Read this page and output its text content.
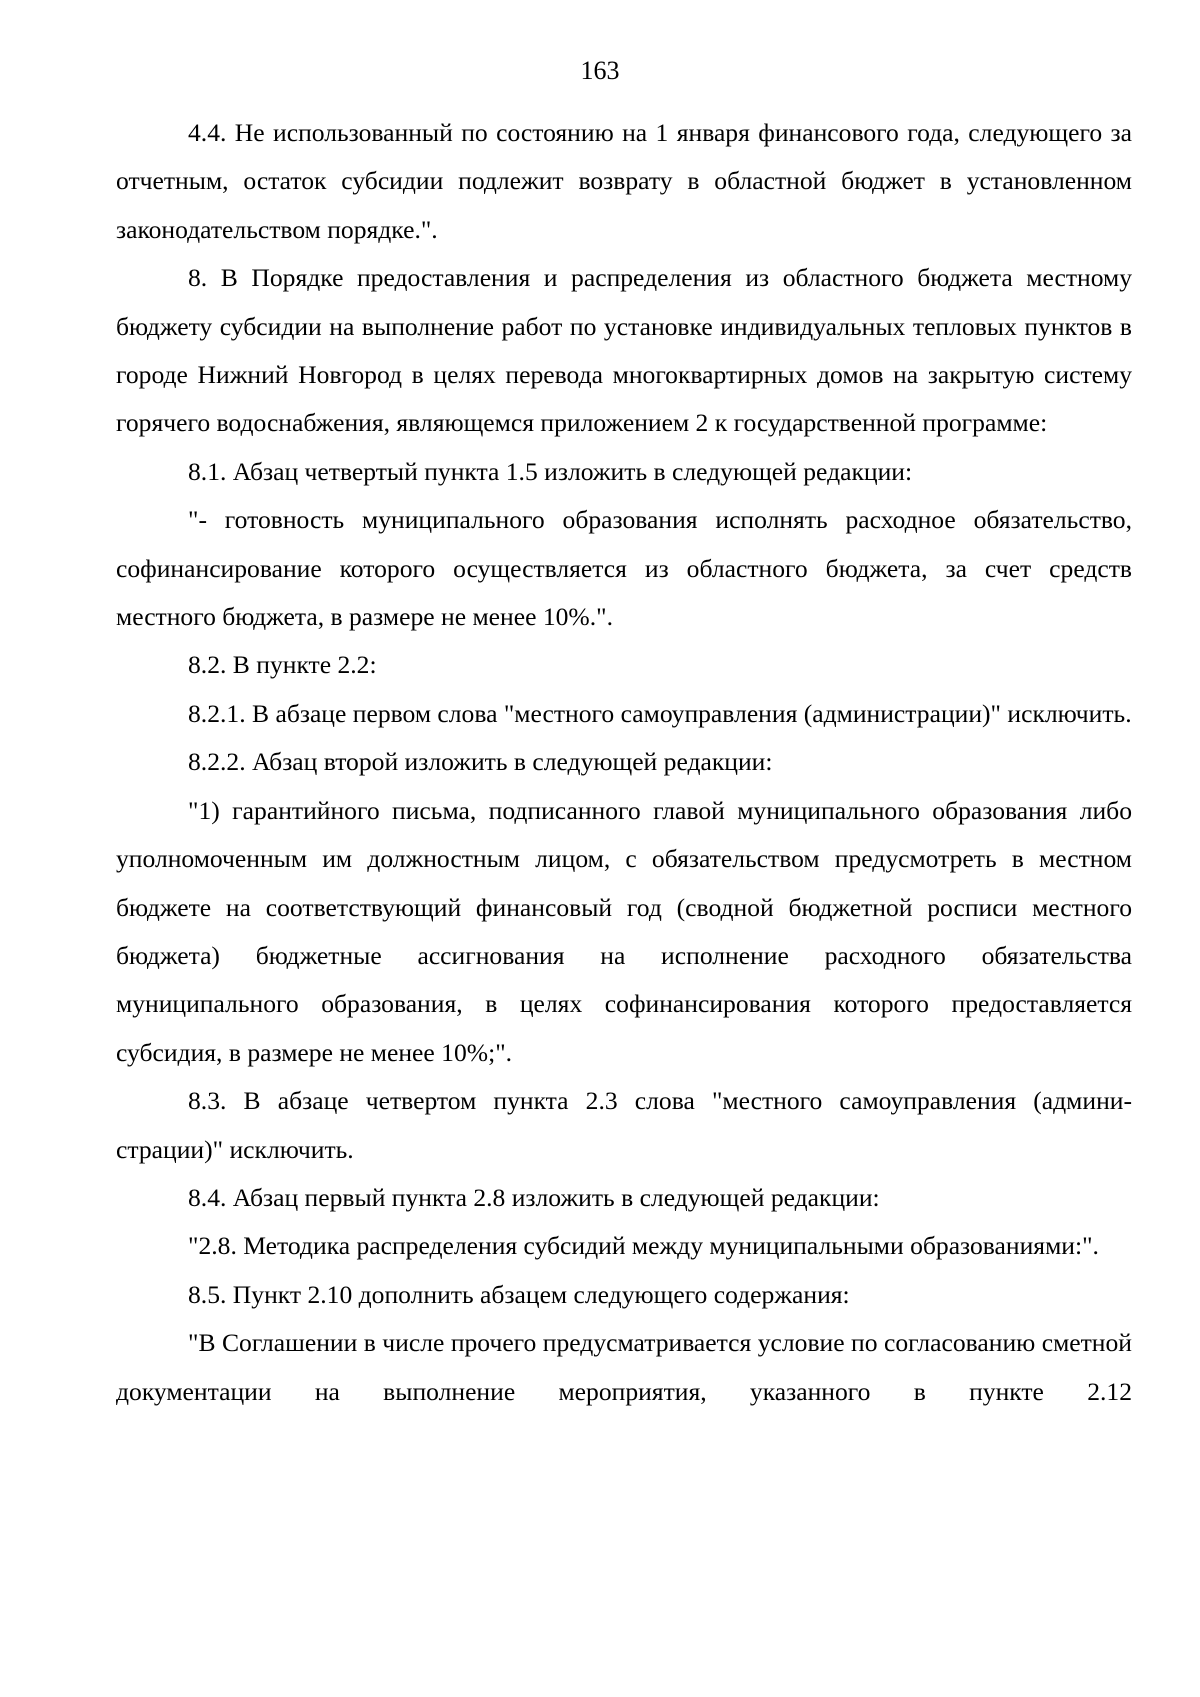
163

4.4. Не использованный по состоянию на 1 января финансового года, следующего за отчетным, остаток субсидии подлежит возврату в областной бюджет в установленном законодательством порядке.".

8. В Порядке предоставления и распределения из областного бюджета местному бюджету субсидии на выполнение работ по установке индивидуальных тепловых пунктов в городе Нижний Новгород в целях перевода многоквартирных домов на закрытую систему горячего водоснабжения, являющемся приложением 2 к государственной программе:

8.1. Абзац четвертый пункта 1.5 изложить в следующей редакции:

"- готовность муниципального образования исполнять расходное обязательство, софинансирование которого осуществляется из областного бюджета, за счет средств местного бюджета, в размере не менее 10%.".

8.2. В пункте 2.2:

8.2.1. В абзаце первом слова "местного самоуправления (администрации)" исключить.

8.2.2. Абзац второй изложить в следующей редакции:

"1) гарантийного письма, подписанного главой муниципального образования либо уполномоченным им должностным лицом, с обязательством предусмотреть в местном бюджете на соответствующий финансовый год (сводной бюджетной росписи местного бюджета) бюджетные ассигнования на исполнение расходного обязательства муниципального образования, в целях софинансирования которого предоставляется субсидия, в размере не менее 10%;".

8.3. В абзаце четвертом пункта 2.3 слова "местного самоуправления (администрации)" исключить.

8.4. Абзац первый пункта 2.8 изложить в следующей редакции:

"2.8. Методика распределения субсидий между муниципальными образованиями:".

8.5. Пункт 2.10 дополнить абзацем следующего содержания:

"В Соглашении в числе прочего предусматривается условие по согласованию сметной документации на выполнение мероприятия, указанного в пункте 2.12
